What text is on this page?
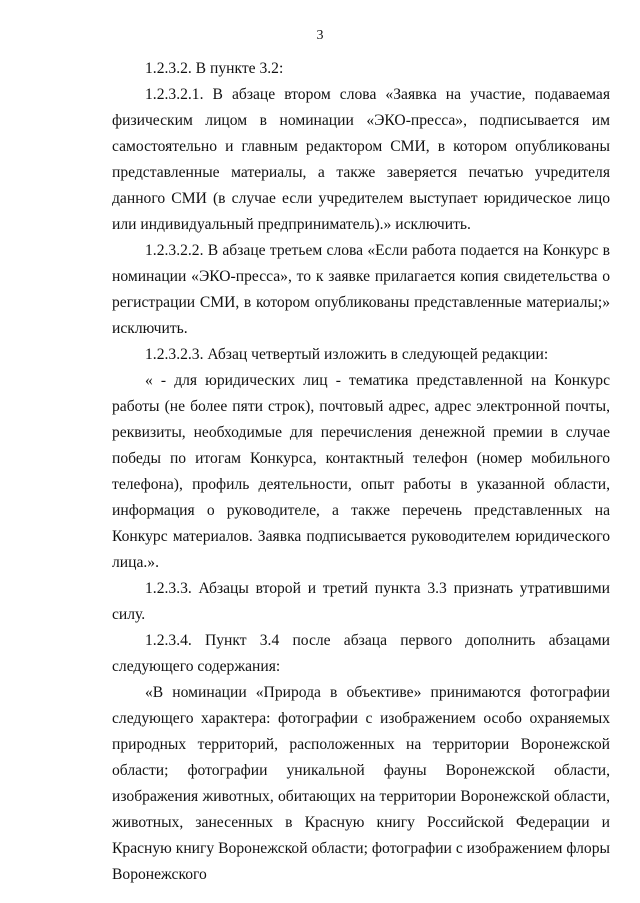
3

1.2.3.2. В пункте 3.2:

1.2.3.2.1. В абзаце втором слова «Заявка на участие, подаваемая физическим лицом в номинации «ЭКО-пресса», подписывается им самостоятельно и главным редактором СМИ, в котором опубликованы представленные материалы, а также заверяется печатью учредителя данного СМИ (в случае если учредителем выступает юридическое лицо или индивидуальный предприниматель).» исключить.

1.2.3.2.2. В абзаце третьем слова «Если работа подается на Конкурс в номинации «ЭКО-пресса», то к заявке прилагается копия свидетельства о регистрации СМИ, в котором опубликованы представленные материалы;» исключить.

1.2.3.2.3. Абзац четвертый изложить в следующей редакции:

« - для юридических лиц - тематика представленной на Конкурс работы (не более пяти строк), почтовый адрес, адрес электронной почты, реквизиты, необходимые для перечисления денежной премии в случае победы по итогам Конкурса, контактный телефон (номер мобильного телефона), профиль деятельности, опыт работы в указанной области, информация о руководителе, а также перечень представленных на Конкурс материалов. Заявка подписывается руководителем юридического лица.».

1.2.3.3. Абзацы второй и третий пункта 3.3 признать утратившими силу.

1.2.3.4. Пункт 3.4 после абзаца первого дополнить абзацами следующего содержания:

«В номинации «Природа в объективе» принимаются фотографии следующего характера: фотографии с изображением особо охраняемых природных территорий, расположенных на территории Воронежской области; фотографии уникальной фауны Воронежской области, изображения животных, обитающих на территории Воронежской области, животных, занесенных в Красную книгу Российской Федерации и Красную книгу Воронежской области; фотографии с изображением флоры Воронежского
